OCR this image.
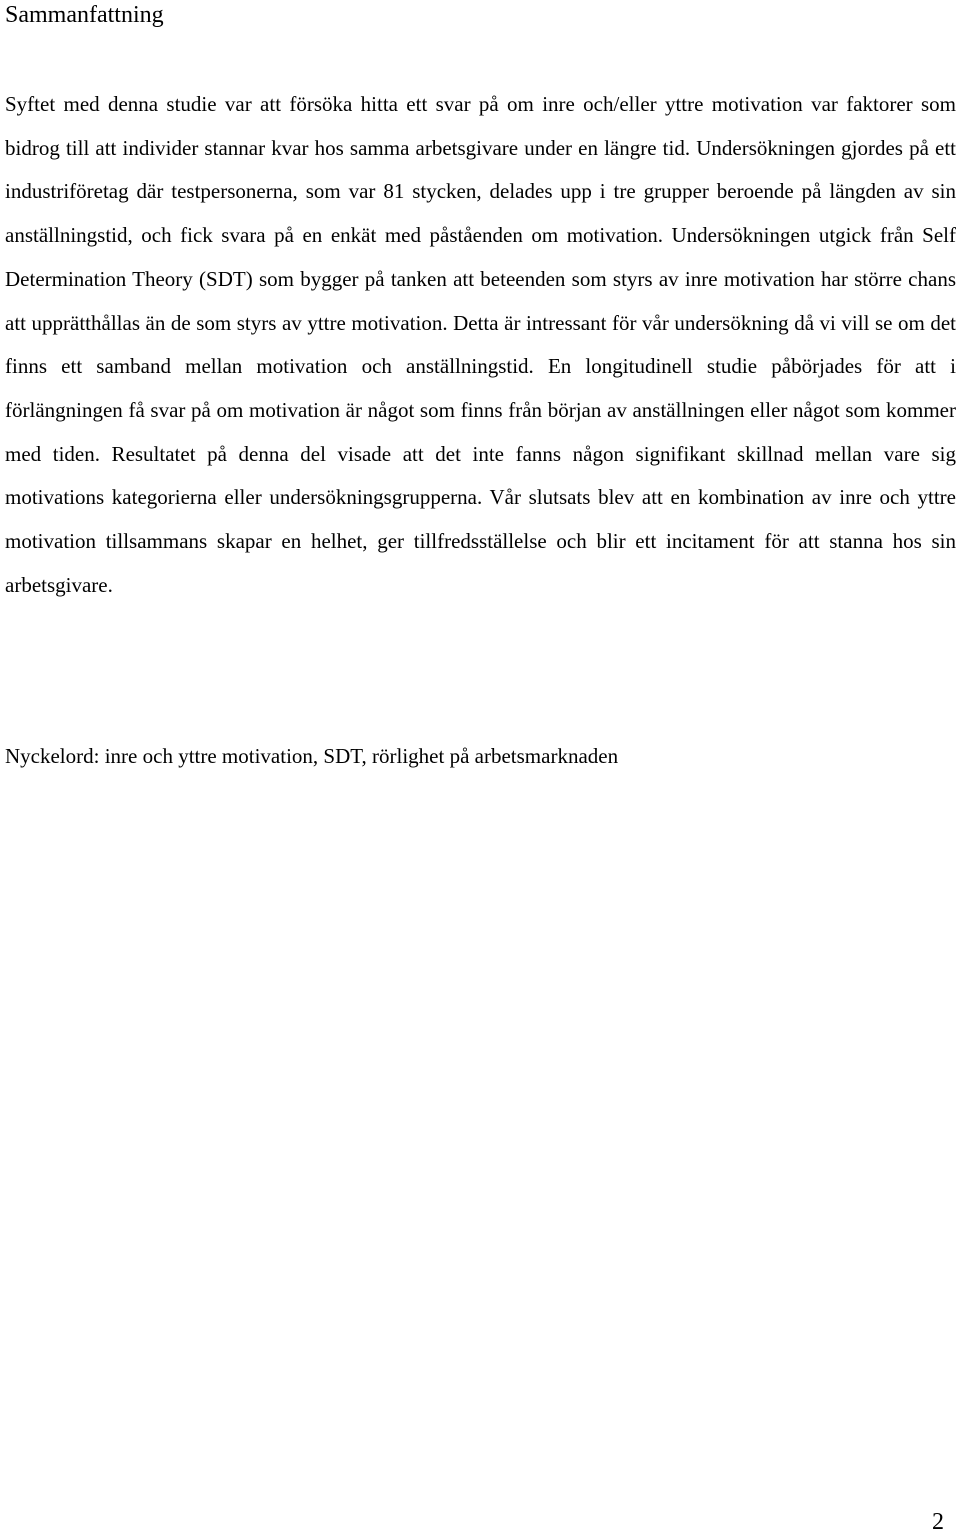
Sammanfattning

Syftet med denna studie var att försöka hitta ett svar på om inre och/eller yttre motivation var faktorer som bidrog till att individer stannar kvar hos samma arbetsgivare under en längre tid. Undersökningen gjordes på ett industriföretag där testpersonerna, som var 81 stycken, delades upp i tre grupper beroende på längden av sin anställningstid, och fick svara på en enkät med påståenden om motivation. Undersökningen utgick från Self Determination Theory (SDT) som bygger på tanken att beteenden som styrs av inre motivation har större chans att upprätthållas än de som styrs av yttre motivation. Detta är intressant för vår undersökning då vi vill se om det finns ett samband mellan motivation och anställningstid. En longitudinell studie påbörjades för att i förlängningen få svar på om motivation är något som finns från början av anställningen eller något som kommer med tiden. Resultatet på denna del visade att det inte fanns någon signifikant skillnad mellan vare sig motivations kategorierna eller undersökningsgrupperna. Vår slutsats blev att en kombination av inre och yttre motivation tillsammans skapar en helhet, ger tillfredsställelse och blir ett incitament för att stanna hos sin arbetsgivare.

Nyckelord: inre och yttre motivation, SDT, rörlighet på arbetsmarknaden

2
